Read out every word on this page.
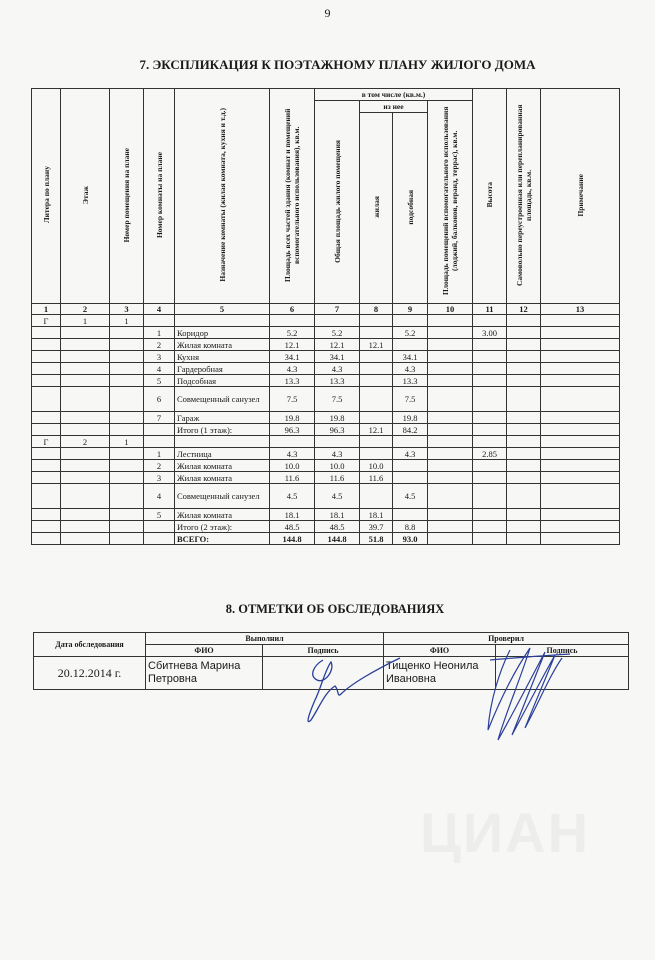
9
7. ЭКСПЛИКАЦИЯ К ПОЭТАЖНОМУ ПЛАНУ ЖИЛОГО ДОМА
Литера по плану	Этаж	Номер помещения на плане	Номер комнаты на плане	Назначение комнаты (жилая комната, кухня и т.д.)	Площадь всех частей здания (комнат и помещений вспомогательного использования), кв.м.	в том числе (кв.м.)				Высота	Самовольно переустроенная или перепланированная площадь, кв.м.	Примечание
						Общая площадь жилого помещения	из нее		Площадь помещений вспомогательного использования (лоджий, балконов, веранд, террас), кв.м.			
							жилая	подсобная				
1	2	3	4	5	6	7	8	9	10	11	12	13
Г	1	1										
			1	Коридор	5.2	5.2		5.2		3.00		
			2	Жилая комната	12.1	12.1	12.1					
			3	Кухня	34.1	34.1		34.1				
			4	Гардеробная	4.3	4.3		4.3				
			5	Подсобная	13.3	13.3		13.3				
			6	Совмещенный санузел	7.5	7.5		7.5				
			7	Гараж	19.8	19.8		19.8				
				Итого (1 этаж):	96.3	96.3	12.1	84.2				
Г	2	1										
			1	Лестница	4.3	4.3		4.3		2.85		
			2	Жилая комната	10.0	10.0	10.0					
			3	Жилая комната	11.6	11.6	11.6					
			4	Совмещенный санузел	4.5	4.5		4.5				
			5	Жилая комната	18.1	18.1	18.1					
				Итого (2 этаж):	48.5	48.5	39.7	8.8				
				ВСЕГО:	144.8	144.8	51.8	93.0				
8. ОТМЕТКИ ОБ ОБСЛЕДОВАНИЯХ
Дата обследования	Выполнил		Проверил	
	ФИО	Подпись	ФИО	Подпись
20.12.2014 г.	Сбитнева Марина Петровна		Тищенко Неонила Ивановна	
